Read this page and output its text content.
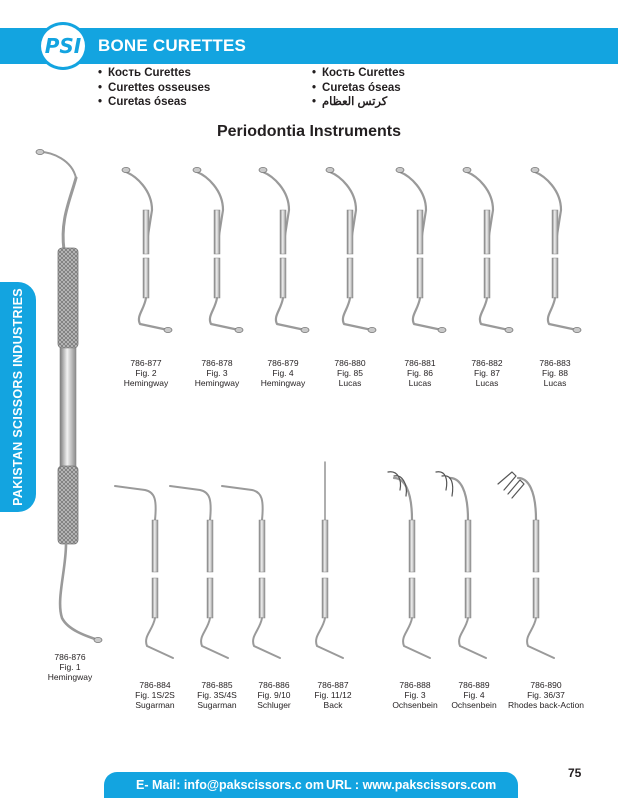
PSI BONE CURETTES
• Кость Curettes
• Curettes osseuses
• Curetas óseas
• Кость Curettes
• Curetas óseas
• كرتس العظام
Periodontia Instruments
PAKISTAN SCISSORS INDUSTRIES
786-876
Fig. 1
Hemingway
786-877
Fig. 2
Hemingway
786-878
Fig. 3
Hemingway
786-879
Fig. 4
Hemingway
786-880
Fig. 85
Lucas
786-881
Fig. 86
Lucas
786-882
Fig. 87
Lucas
786-883
Fig. 88
Lucas
786-884
Fig. 1S/2S
Sugarman
786-885
Fig. 3S/4S
Sugarman
786-886
Fig. 9/10
Schluger
786-887
Fig. 11/12
Back
786-888
Fig. 3
Ochsenbein
786-889
Fig. 4
Ochsenbein
786-890
Fig. 36/37
Rhodes back-Action
E- Mail: info@pakscissors.c om URL : www.pakscissors.com
75
